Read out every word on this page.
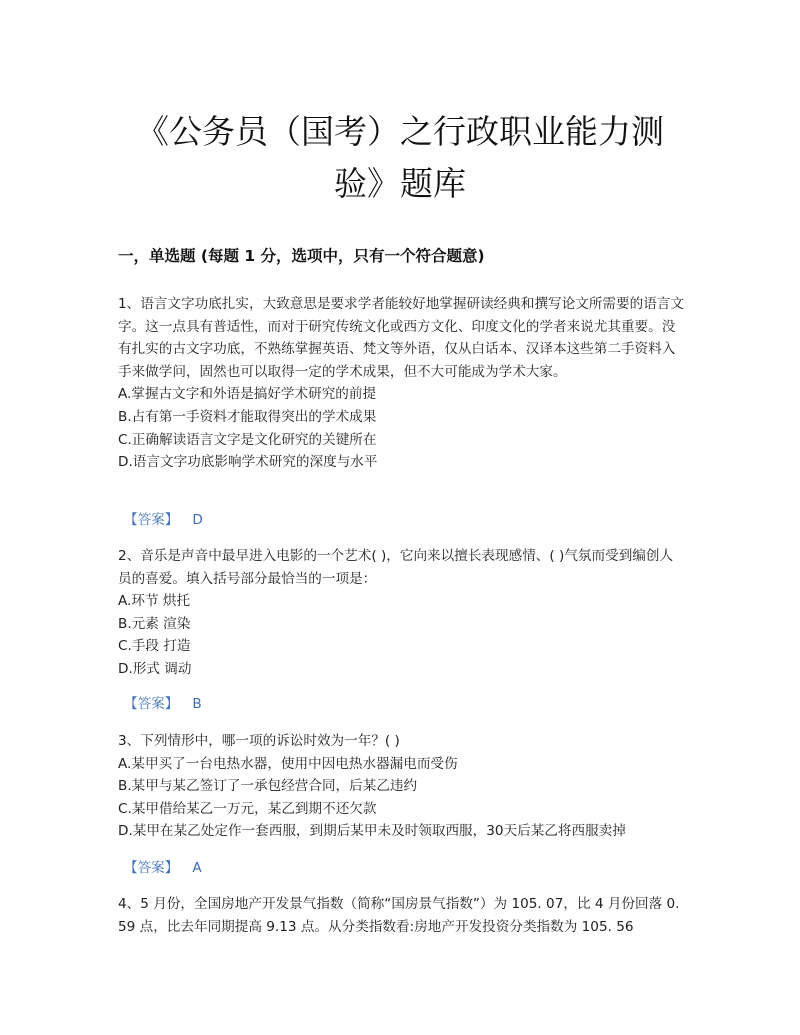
《公务员（国考）之行政职业能力测
验》题库
一，单选题 (每题 1 分，选项中，只有一个符合题意)

1、语言文字功底扎实，大致意思是要求学者能较好地掌握研读经典和撰写论文所需要的语言文字。这一点具有普适性，而对于研究传统文化或西方文化、印度文化的学者来说尤其重要。没有扎实的古文字功底，不熟练掌握英语、梵文等外语，仅从白话本、汉译本这些第二手资料入手来做学问，固然也可以取得一定的学术成果，但不大可能成为学术大家。

A.掌握古文字和外语是搞好学术研究的前提
B.占有第一手资料才能取得突出的学术成果
C.正确解读语言文字是文化研究的关键所在
D.语言文字功底影响学术研究的深度与水平
【答案】 D

2、音乐是声音中最早进入电影的一个艺术( )，它向来以擅长表现感情、( )气氛而受到编创人员的喜爱。填入括号部分最恰当的一项是：

A.环节 烘托
B.元素 渲染
C.手段 打造
D.形式 调动
【答案】 B

3、下列情形中，哪一项的诉讼时效为一年？( )

A.某甲买了一台电热水器，使用中因电热水器漏电而受伤
B.某甲与某乙签订了一承包经营合同，后某乙违约
C.某甲借给某乙一万元，某乙到期不还欠款
D.某甲在某乙处定作一套西服，到期后某甲未及时领取西服，30天后某乙将西服卖掉
【答案】 A

4、5 月份，全国房地产开发景气指数（简称“国房景气指数”）为 105. 07，比 4 月份回落 0. 59 点，比去年同期提高 9.13 点。从分类指数看:房地产开发投资分类指数为 105. 56
